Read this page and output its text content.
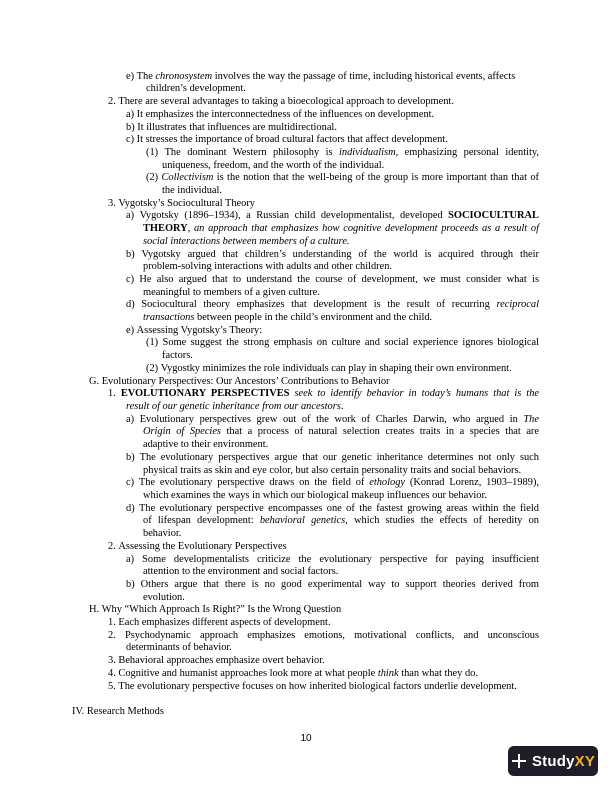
e) The chronosystem involves the way the passage of time, including historical events, affects
children’s development.
2. There are several advantages to taking a bioecological approach to development.
a) It emphasizes the interconnectedness of the influences on development.
b) It illustrates that influences are multidirectional.
c) It stresses the importance of broad cultural factors that affect development.
(1) The dominant Western philosophy is individualism, emphasizing personal identity,
uniqueness, freedom, and the worth of the individual.
(2) Collectivism is the notion that the well-being of the group is more important than that of
the individual.
3. Vygotsky’s Sociocultural Theory
a) Vygotsky (1896–1934), a Russian child developmentalist, developed SOCIOCULTURAL
THEORY, an approach that emphasizes how cognitive development proceeds as a result of
social interactions between members of a culture.
b) Vygotsky argued that children’s understanding of the world is acquired through their
problem-solving interactions with adults and other children.
c) He also argued that to understand the course of development, we must consider what is
meaningful to members of a given culture.
d) Sociocultural theory emphasizes that development is the result of recurring reciprocal
transactions between people in the child’s environment and the child.
e) Assessing Vygotsky’s Theory:
(1) Some suggest the strong emphasis on culture and social experience ignores biological
factors.
(2) Vygostky minimizes the role individuals can play in shaping their own environment.
G. Evolutionary Perspectives: Our Ancestors’ Contributions to Behavior
1. EVOLUTIONARY PERSPECTIVES seek to identify behavior in today’s humans that is the
result of our genetic inheritance from our ancestors.
a) Evolutionary perspectives grew out of the work of Charles Darwin, who argued in The
Origin of Species that a process of natural selection creates traits in a species that are
adaptive to their environment.
b) The evolutionary perspectives argue that our genetic inheritance determines not only such
physical traits as skin and eye color, but also certain personality traits and social behaviors.
c) The evolutionary perspective draws on the field of ethology (Konrad Lorenz, 1903–1989),
which examines the ways in which our biological makeup influences our behavior.
d) The evolutionary perspective encompasses one of the fastest growing areas within the field
of lifespan development: behavioral genetics, which studies the effects of heredity on
behavior.
2. Assessing the Evolutionary Perspectives
a) Some developmentalists criticize the evolutionary perspective for paying insufficient
attention to the environment and social factors.
b) Others argue that there is no good experimental way to support theories derived from
evolution.
H. Why “Which Approach Is Right?” Is the Wrong Question
1. Each emphasizes different aspects of development.
2. Psychodynamic approach emphasizes emotions, motivational conflicts, and unconscious
determinants of behavior.
3. Behavioral approaches emphasize overt behavior.
4. Cognitive and humanist approaches look more at what people think than what they do.
5. The evolutionary perspective focuses on how inherited biological factors underlie development.
IV. Research Methods
10
StudyXY
